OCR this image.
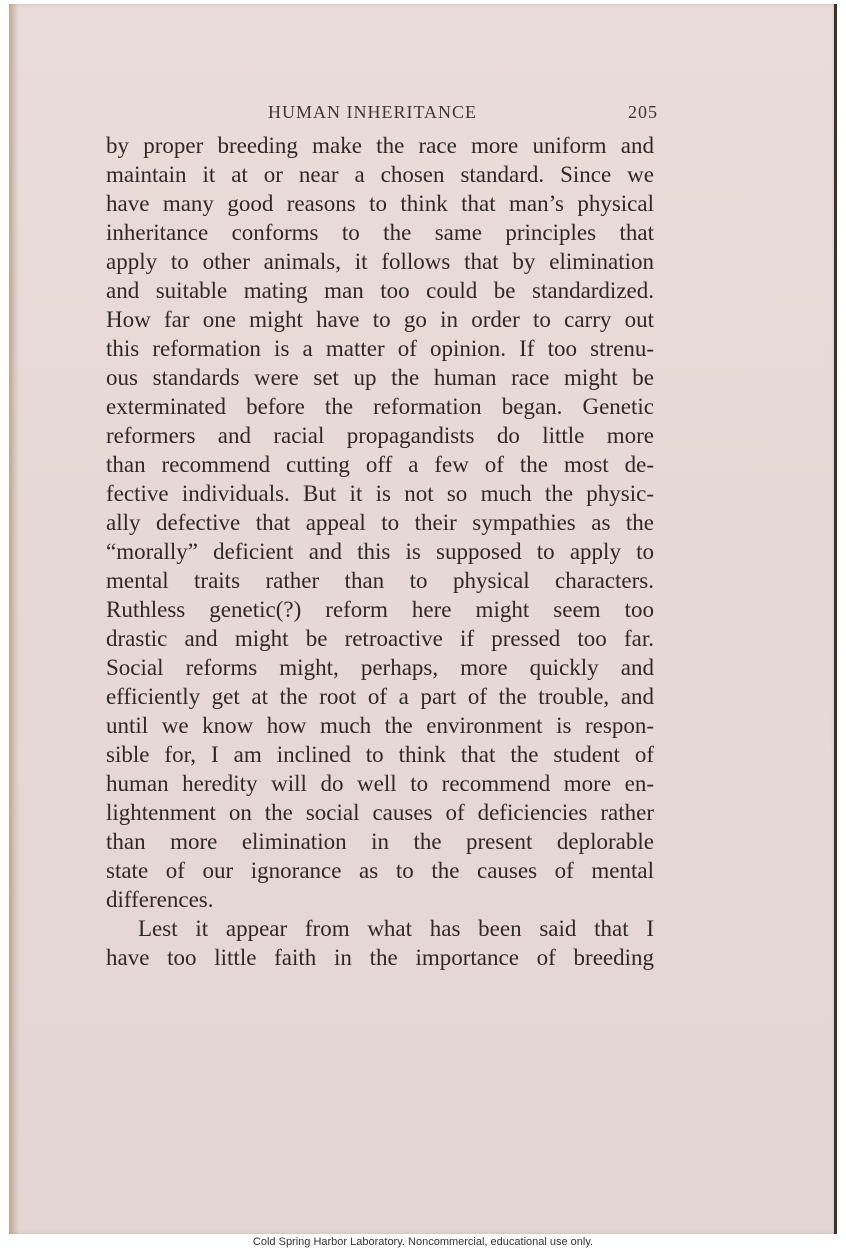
HUMAN INHERITANCE	205
by proper breeding make the race more uniform and
maintain it at or near a chosen standard. Since we
have many good reasons to think that man’s physical
inheritance conforms to the same principles that
apply to other animals, it follows that by elimination
and suitable mating man too could be standardized.
How far one might have to go in order to carry out
this reformation is a matter of opinion. If too strenu-
ous standards were set up the human race might be
exterminated before the reformation began. Genetic
reformers and racial propagandists do little more
than recommend cutting off a few of the most de-
fective individuals. But it is not so much the physic-
ally defective that appeal to their sympathies as the
“morally” deficient and this is supposed to apply to
mental traits rather than to physical characters.
Ruthless genetic(?) reform here might seem too
drastic and might be retroactive if pressed too far.
Social reforms might, perhaps, more quickly and
efficiently get at the root of a part of the trouble, and
until we know how much the environment is respon-
sible for, I am inclined to think that the student of
human heredity will do well to recommend more en-
lightenment on the social causes of deficiencies rather
than more elimination in the present deplorable
state of our ignorance as to the causes of mental
differences.
Lest it appear from what has been said that I
have too little faith in the importance of breeding
Cold Spring Harbor Laboratory. Noncommercial, educational use only.
